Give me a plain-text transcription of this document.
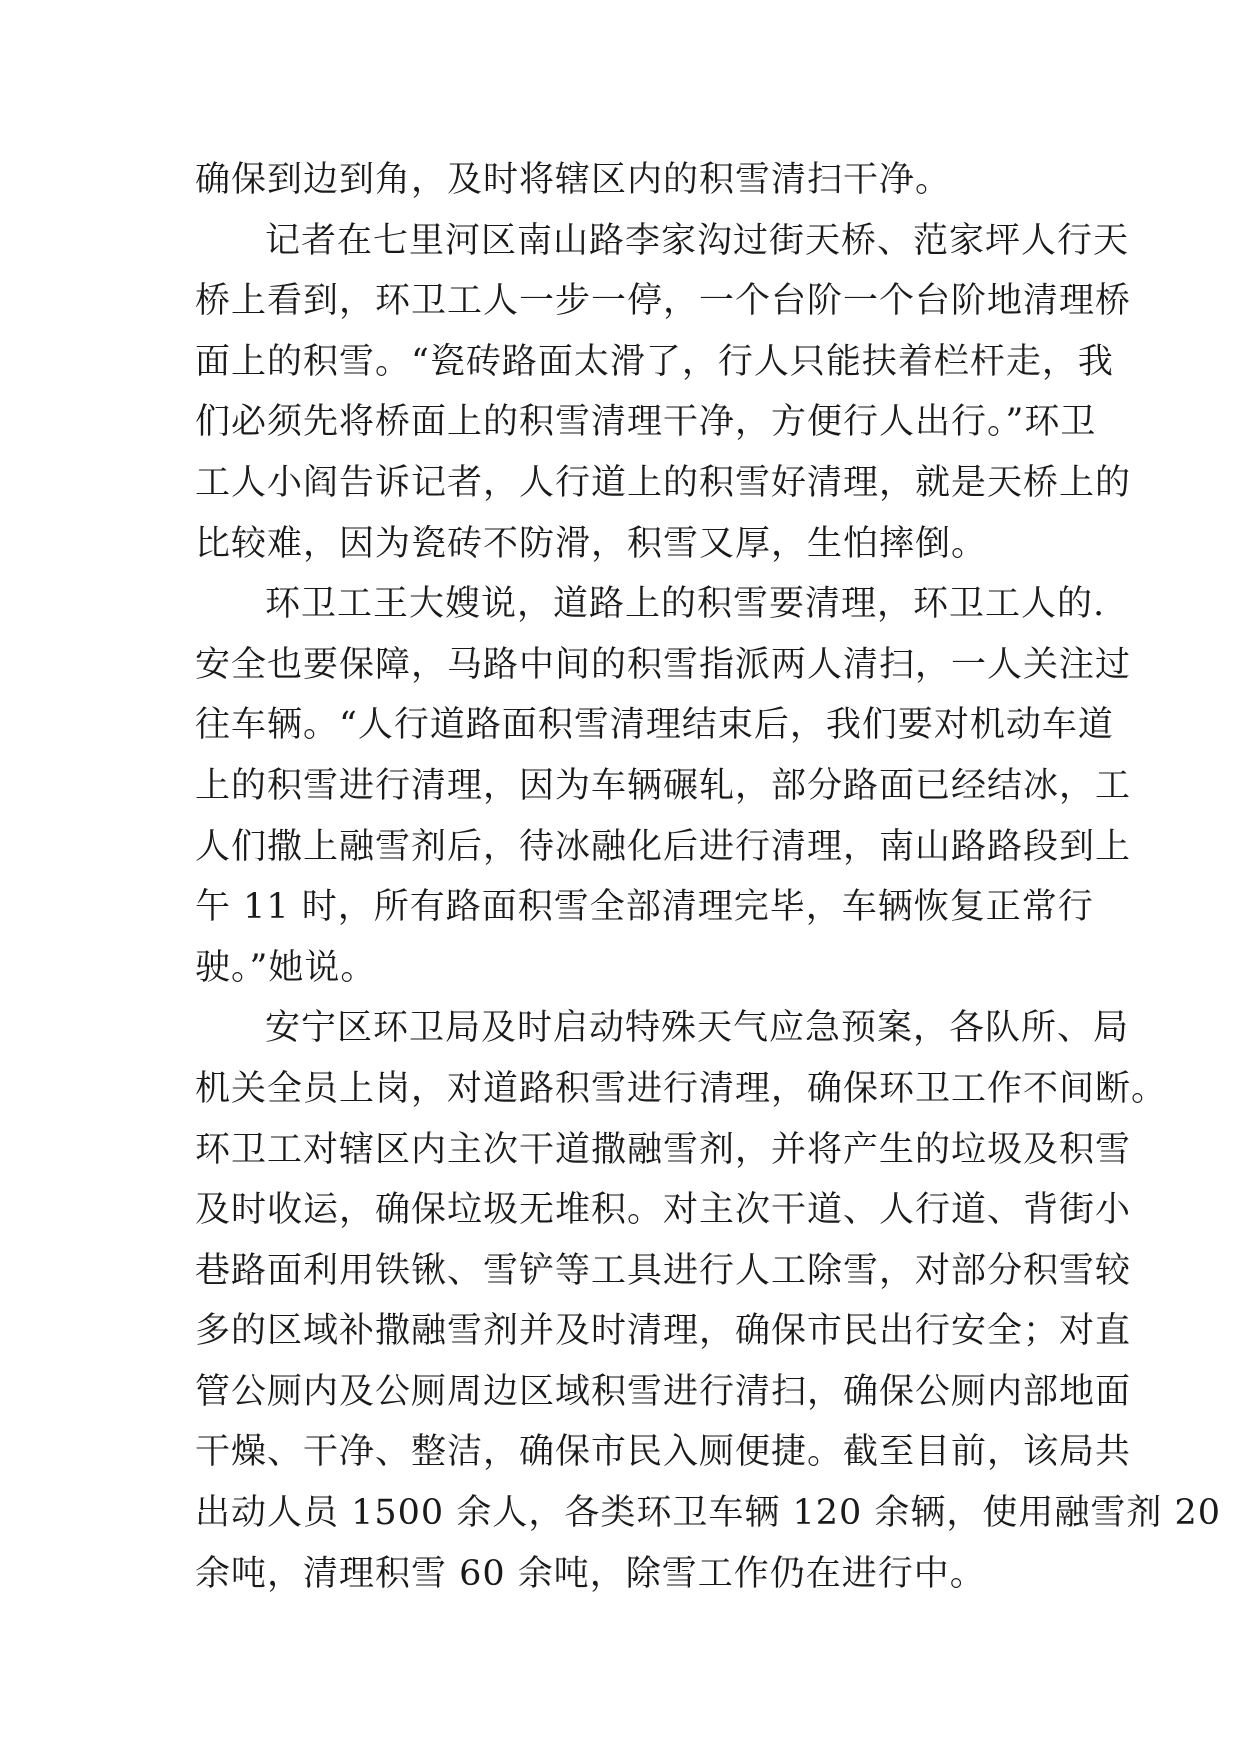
确保到边到角，及时将辖区内的积雪清扫干净。
记者在七里河区南山路李家沟过街天桥、范家坪人行天
桥上看到，环卫工人一步一停，一个台阶一个台阶地清理桥
面上的积雪。“瓷砖路面太滑了，行人只能扶着栏杆走，我
们必须先将桥面上的积雪清理干净，方便行人出行。”环卫
工人小阎告诉记者，人行道上的积雪好清理，就是天桥上的
比较难，因为瓷砖不防滑，积雪又厚，生怕摔倒。
环卫工王大嫂说，道路上的积雪要清理，环卫工人的.
安全也要保障，马路中间的积雪指派两人清扫，一人关注过
往车辆。“人行道路面积雪清理结束后，我们要对机动车道
上的积雪进行清理，因为车辆碾轧，部分路面已经结冰，工
人们撒上融雪剂后，待冰融化后进行清理，南山路路段到上
午 11 时，所有路面积雪全部清理完毕，车辆恢复正常行
驶。”她说。
安宁区环卫局及时启动特殊天气应急预案，各队所、局
机关全员上岗，对道路积雪进行清理，确保环卫工作不间断。
环卫工对辖区内主次干道撒融雪剂，并将产生的垃圾及积雪
及时收运，确保垃圾无堆积。对主次干道、人行道、背街小
巷路面利用铁锹、雪铲等工具进行人工除雪，对部分积雪较
多的区域补撒融雪剂并及时清理，确保市民出行安全；对直
管公厕内及公厕周边区域积雪进行清扫，确保公厕内部地面
干燥、干净、整洁，确保市民入厕便捷。截至目前，该局共
出动人员 1500 余人，各类环卫车辆 120 余辆，使用融雪剂 20
余吨，清理积雪 60 余吨，除雪工作仍在进行中。
